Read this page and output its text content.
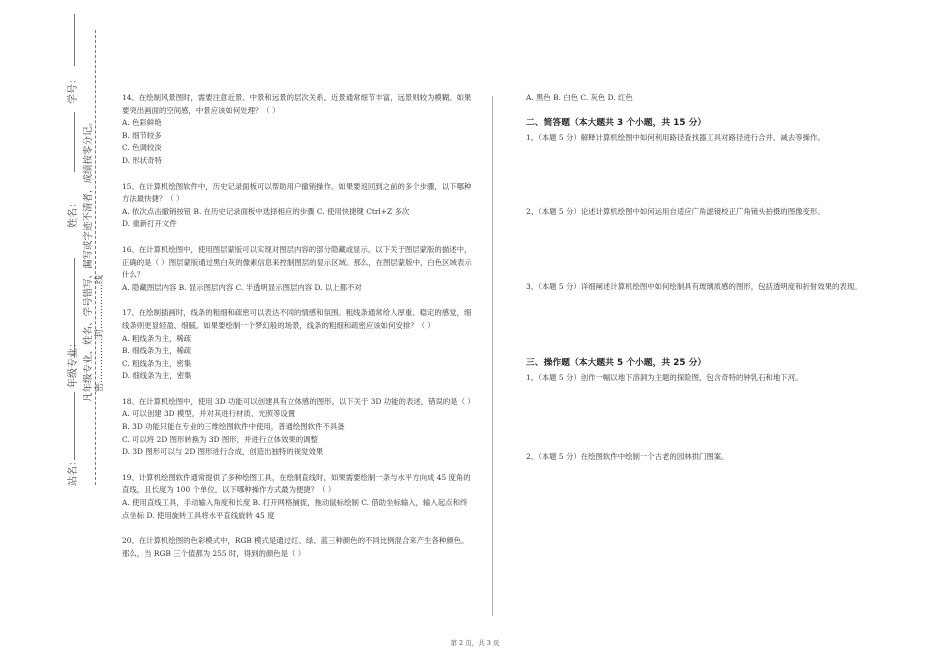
学号：
姓名：
年级专业：
站名：
凡年级专业、姓名、学号错写、漏写或字迹不清者，成绩按零分记。 密……………封……………线
14、在绘制风景图时，需要注意近景、中景和远景的层次关系。近景通常细节丰富，远景则较为模糊。如果要突出画面的空间感，中景应该如何处理？（ ）
A. 色彩鲜艳
B. 细节较多
C. 色调较淡
D. 形状奇特
15、在计算机绘图软件中，历史记录面板可以帮助用户撤销操作。如果要返回到之前的多个步骤，以下哪种方法最快捷？（ ）
A. 依次点击撤销按钮 B. 在历史记录面板中选择相应的步骤 C. 使用快捷键 Ctrl+Z 多次
D. 重新打开文件
16、在计算机绘图中，使用图层蒙版可以实现对图层内容的部分隐藏或显示。以下关于图层蒙版的描述中，正确的是（ ）图层蒙版通过黑白灰的像素信息来控制图层的显示区域。那么，在图层蒙版中，白色区域表示什么？
A. 隐藏图层内容 B. 显示图层内容 C. 半透明显示图层内容 D. 以上都不对
17、在绘制插画时，线条的粗细和疏密可以表达不同的情感和氛围。粗线条通常给人厚重、稳定的感觉，细线条则更显轻盈、细腻。如果要绘制一个梦幻般的场景，线条的粗细和疏密应该如何安排？（ ）
A. 粗线条为主，稀疏
B. 细线条为主，稀疏
C. 粗线条为主，密集
D. 细线条为主，密集
18、在计算机绘图中，使用 3D 功能可以创建具有立体感的图形。以下关于 3D 功能的表述，错误的是（ ）
A. 可以创建 3D 模型，并对其进行材质、光照等设置
B. 3D 功能只能在专业的三维绘图软件中使用，普通绘图软件不具备
C. 可以将 2D 图形转换为 3D 图形，并进行立体效果的调整
D. 3D 图形可以与 2D 图形进行合成，创造出独特的视觉效果
19、计算机绘图软件通常提供了多种绘图工具，在绘制直线时，如果需要绘制一条与水平方向成 45 度角的直线，且长度为 100 个单位，以下哪种操作方式最为便捷？（ ）
A. 使用直线工具，手动输入角度和长度 B. 打开网格捕捉，拖动鼠标绘制 C. 借助坐标输入，输入起点和终点坐标 D. 使用旋转工具将水平直线旋转 45 度
20、在计算机绘图的色彩模式中，RGB 模式是通过红、绿、蓝三种颜色的不同比例混合来产生各种颜色。那么，当 RGB 三个值都为 255 时，得到的颜色是（ ）
A. 黑色 B. 白色 C. 灰色 D. 红色
二、简答题（本大题共 3 个小题，共 15 分）
1、（本题 5 分）解释计算机绘图中如何利用路径查找器工具对路径进行合并、减去等操作。
2、（本题 5 分）论述计算机绘图中如何运用自适应广角滤镜校正广角镜头拍摄的图像变形。
3、（本题 5 分）详细阐述计算机绘图中如何绘制具有玻璃质感的图形，包括透明度和折射效果的表现。
三、操作题（本大题共 5 个小题，共 25 分）
1、（本题 5 分）创作一幅以地下溶洞为主题的探险图，包含奇特的钟乳石和地下河。
2、（本题 5 分）在绘图软件中绘制一个古老的园林拱门图案。
第 2 页，共 3 页
